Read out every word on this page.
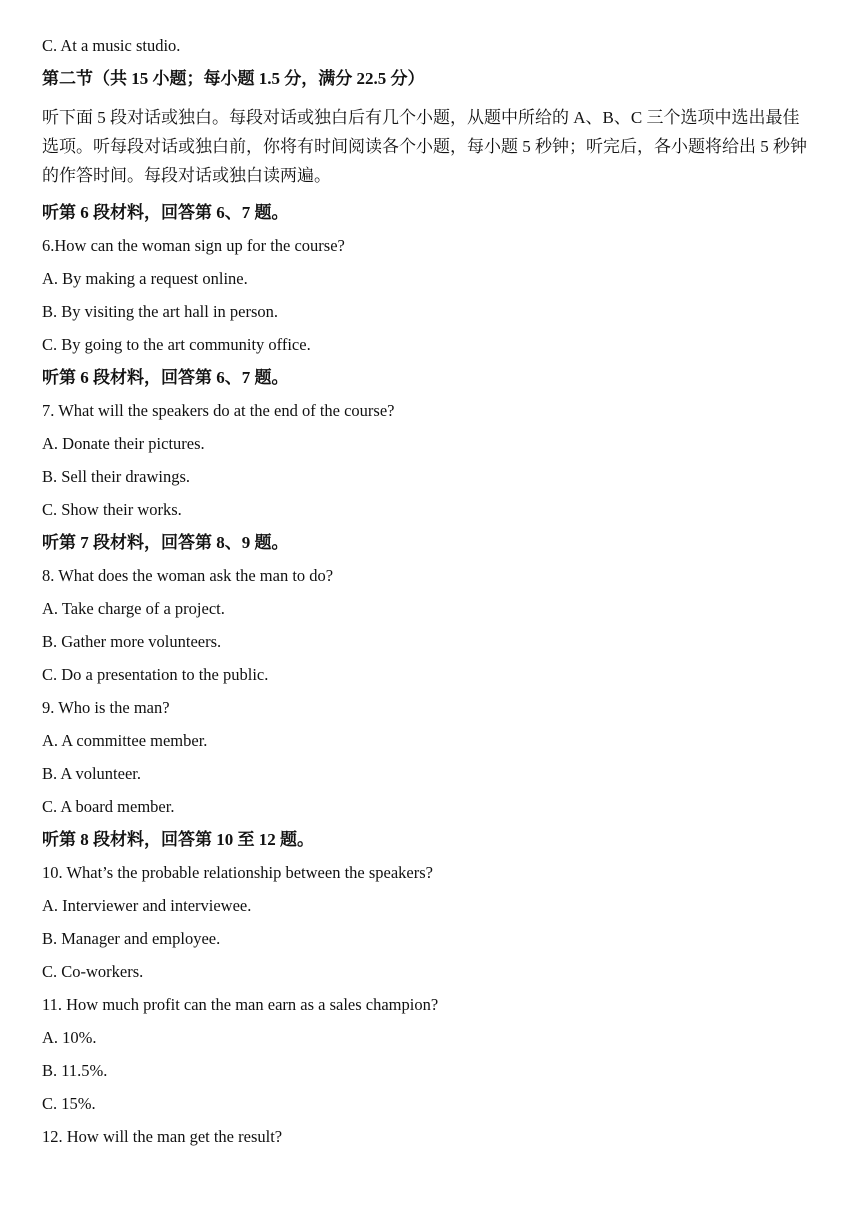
C. At a music studio.
第二节（共 15 小题；每小题 1.5 分，满分 22.5 分）
听下面 5 段对话或独白。每段对话或独白后有几个小题，从题中所给的 A、B、C 三个选项中选出最佳
选项。听每段对话或独白前，你将有时间阅读各个小题，每小题 5 秒钟；听完后，各小题将给出 5 秒钟
的作答时间。每段对话或独白读两遍。
听第 6 段材料，回答第 6、7 题。
6.How can the woman sign up for the course?
A. By making a request online.
B. By visiting the art hall in person.
C. By going to the art community office.
听第 6 段材料，回答第 6、7 题。
7. What will the speakers do at the end of the course?
A. Donate their pictures.
B. Sell their drawings.
C. Show their works.
听第 7 段材料，回答第 8、9 题。
8. What does the woman ask the man to do?
A. Take charge of a project.
B. Gather more volunteers.
C. Do a presentation to the public.
9. Who is the man?
A. A committee member.
B. A volunteer.
C. A board member.
听第 8 段材料，回答第 10 至 12 题。
10. What’s the probable relationship between the speakers?
A. Interviewer and interviewee.
B. Manager and employee.
C. Co-workers.
11. How much profit can the man earn as a sales champion?
A. 10%.
B. 11.5%.
C. 15%.
12. How will the man get the result?
